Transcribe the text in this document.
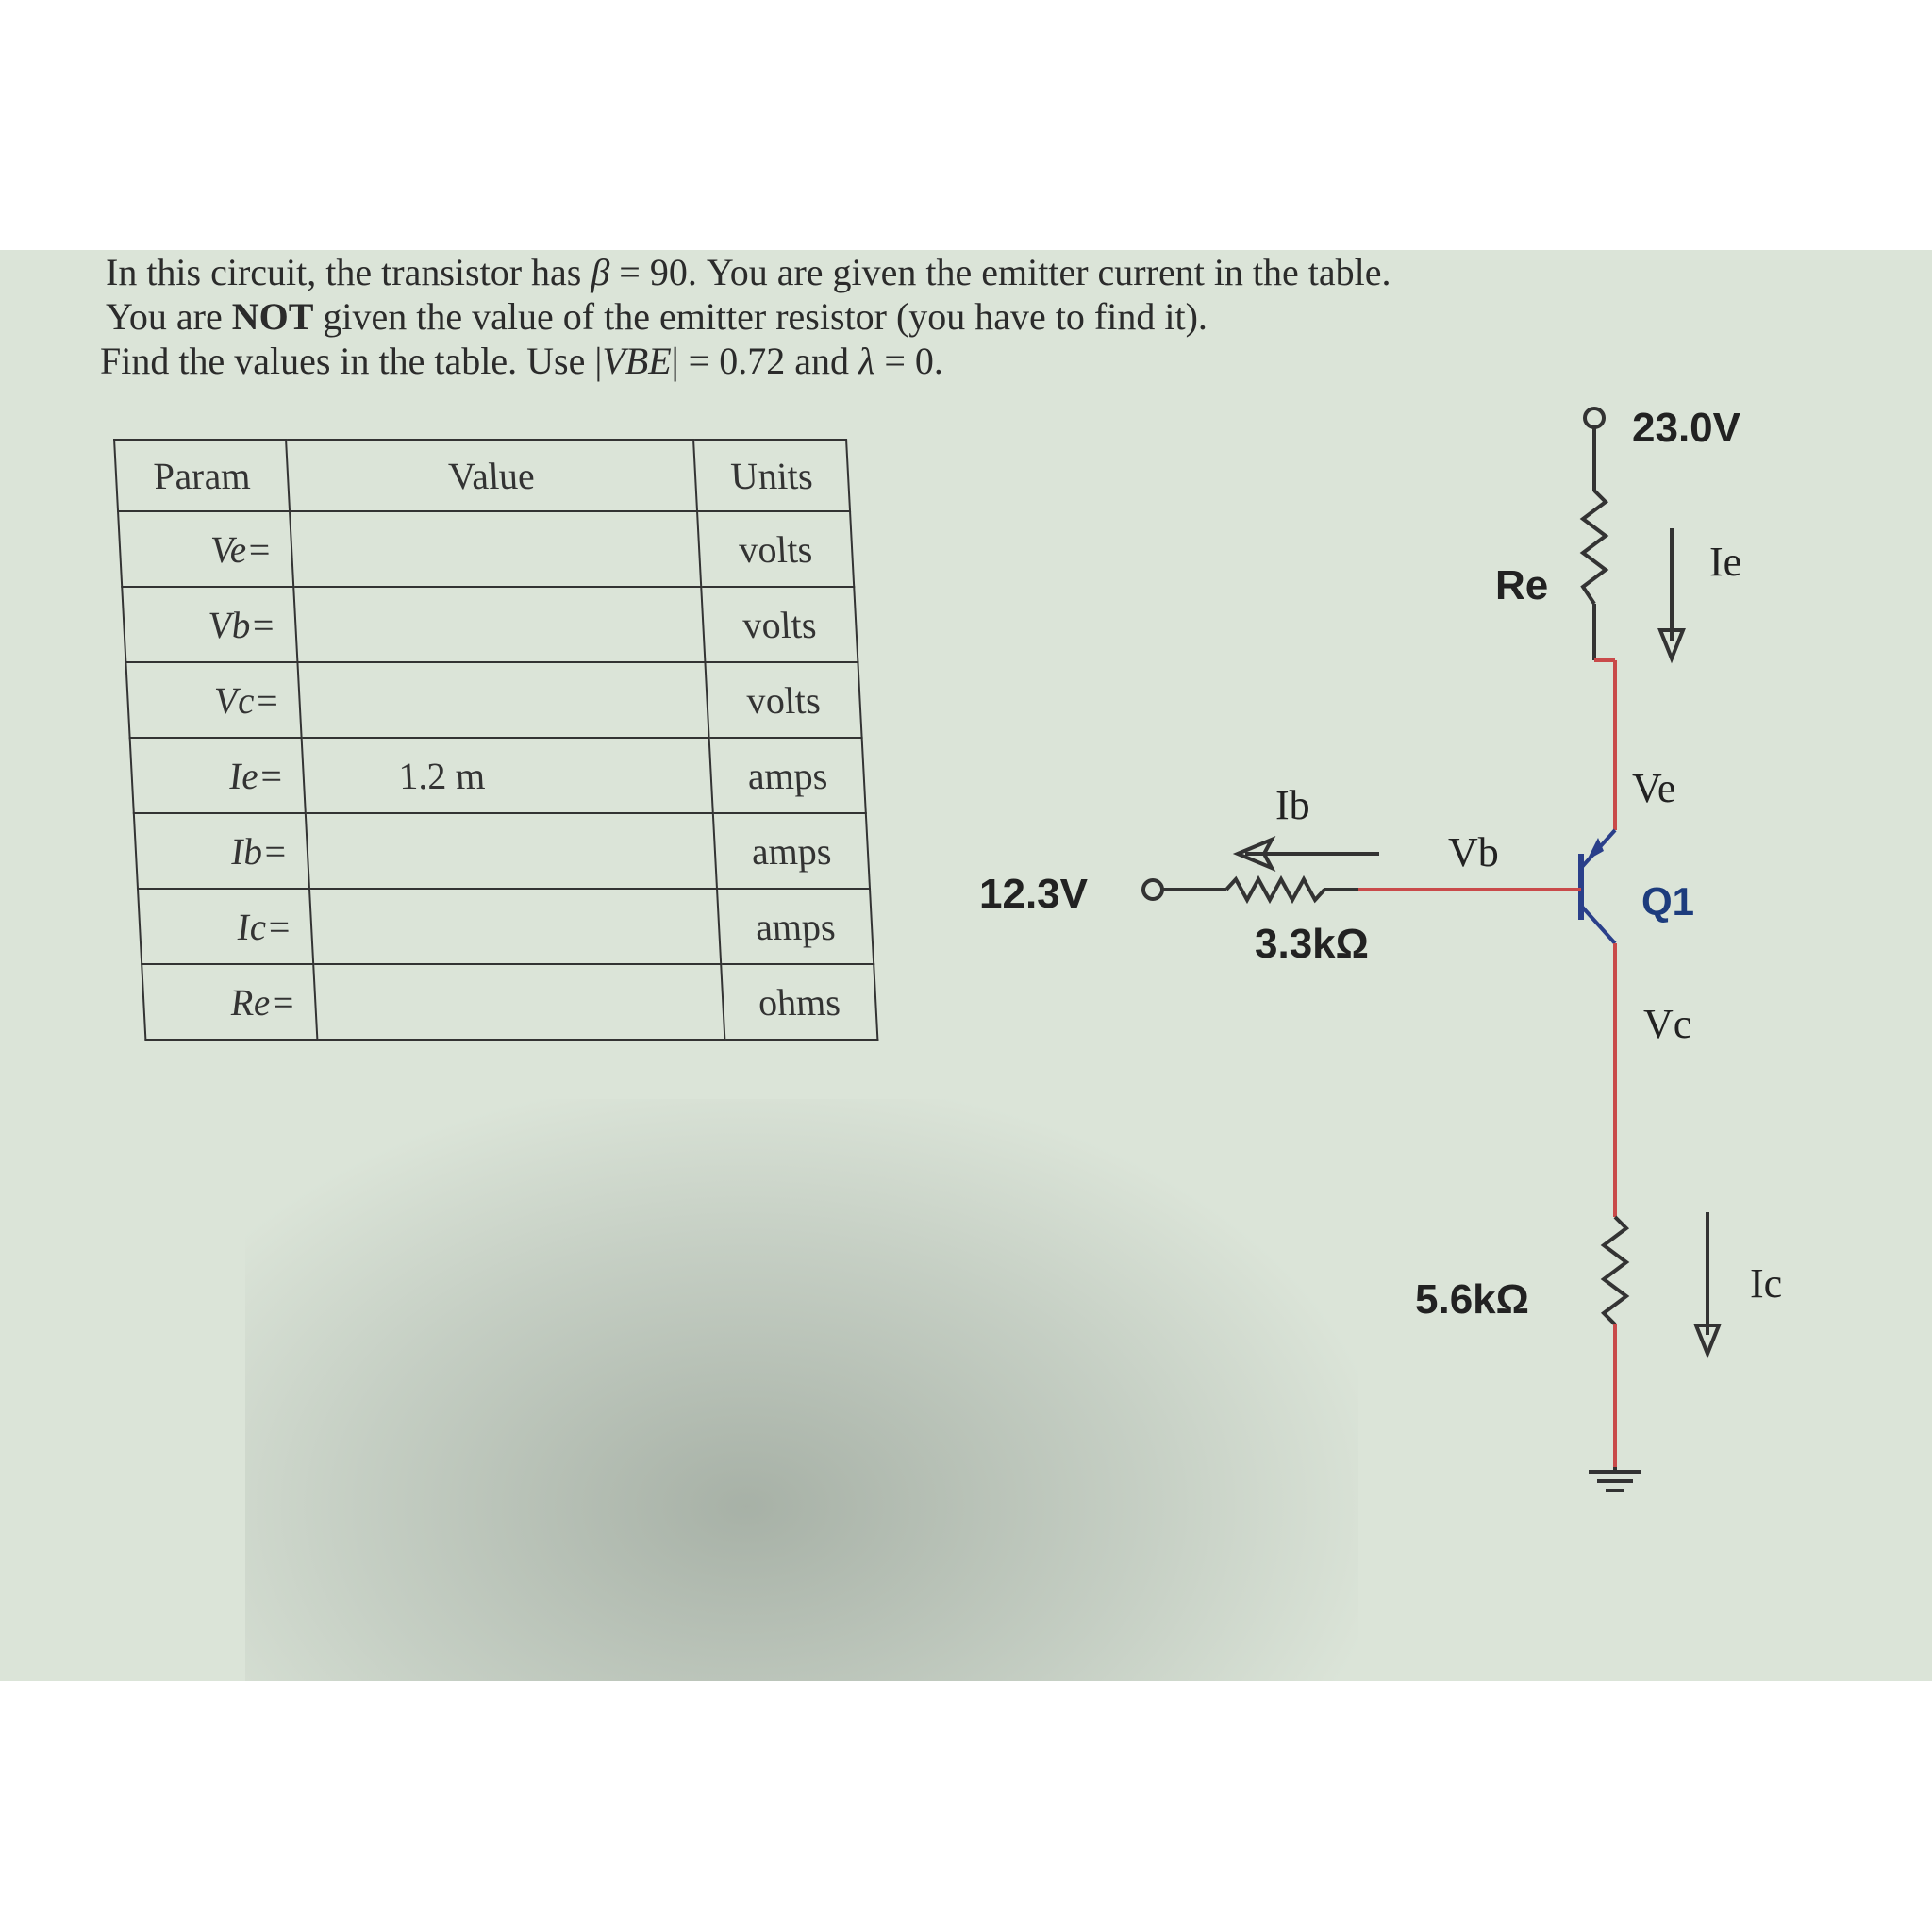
In this circuit, the transistor has β = 90. You are given the emitter current in the table.
You are NOT given the value of the emitter resistor (you have to find it).
Find the values in the table. Use |VBE| = 0.72 and λ = 0.
Param	Value	Units
Ve=		volts
Vb=		volts
Vc=		volts
Ie=	1.2 m	amps
Ib=		amps
Ic=		amps
Re=		ohms
23.0V
Re
Ie
Ve
Q1
Vb
Ib
12.3V
3.3kΩ
Vc
5.6kΩ	Ic
